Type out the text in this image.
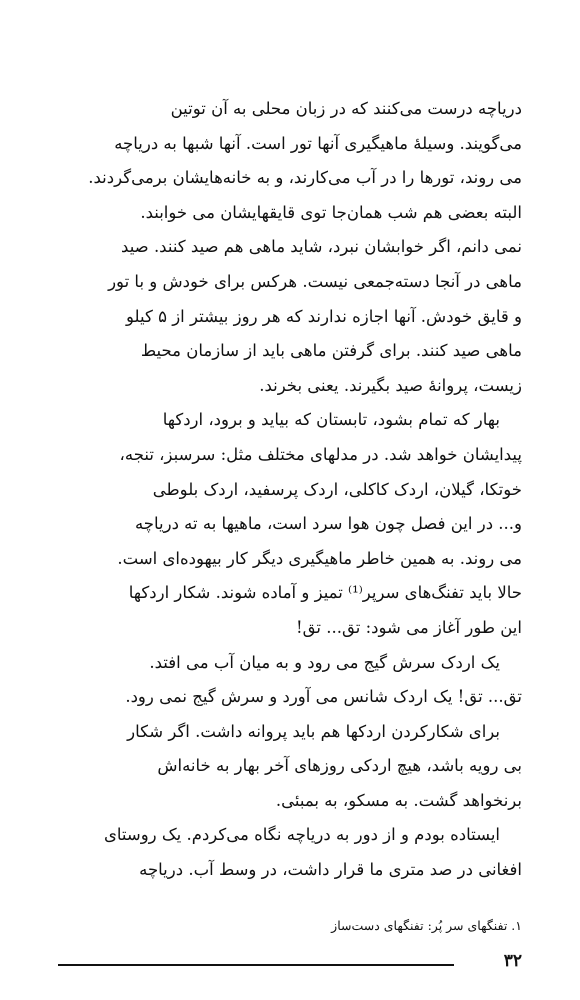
دریاچه درست می‌کنند که در زبان محلی به آن توتین
می‌گویند. وسیلهٔ ماهیگیری آنها تور است. آنها شبها به دریاچه
می روند، تورها را در آب می‌کارند، و به خانه‌هایشان برمی‌گردند.
البته بعضی هم شب همان‌جا توی قایقهایشان می خوابند.
نمی دانم، اگر خوابشان نبرد، شاید ماهی هم صید کنند. صید
ماهی در آنجا دسته‌جمعی نیست. هرکس برای خودش و با تور
و قایق خودش. آنها اجازه ندارند که هر روز بیشتر از ۵ کیلو
ماهی صید کنند. برای گرفتن ماهی باید از سازمان محیط
زیست، پروانهٔ صید بگیرند. یعنی بخرند.
بهار که تمام بشود، تابستان که بیاید و برود، اردکها
پیدایشان خواهد شد. در مدلهای مختلف مثل: سرسبز، تنجه،
خوتکا، گیلان، اردک کاکلی، اردک پرسفید، اردک بلوطی
و... در این فصل چون هوا سرد است، ماهیها به ته دریاچه
می روند. به همین خاطر ماهیگیری دیگر کار بیهوده‌ای است.
حالا باید تفنگ‌های سرپر⁽¹⁾ تمیز و آماده شوند. شکار اردکها
این طور آغاز می شود: تق... تق!
یک اردک سرش گیج می رود و به میان آب می افتد.
تق... تق! یک اردک شانس می آورد و سرش گیج نمی رود.
برای شکارکردن اردکها هم باید پروانه داشت. اگر شکار
بی رویه باشد، هیچ اردکی روزهای آخر بهار به خانه‌اش
برنخواهد گشت. به مسکو، به بمبئی.
ایستاده بودم و از دور به دریاچه نگاه می‌کردم. یک روستای
افغانی در صد متری ما قرار داشت، در وسط آب. دریاچه
۱. تفنگهای سر پُر: تفنگهای دست‌ساز
۳۲
